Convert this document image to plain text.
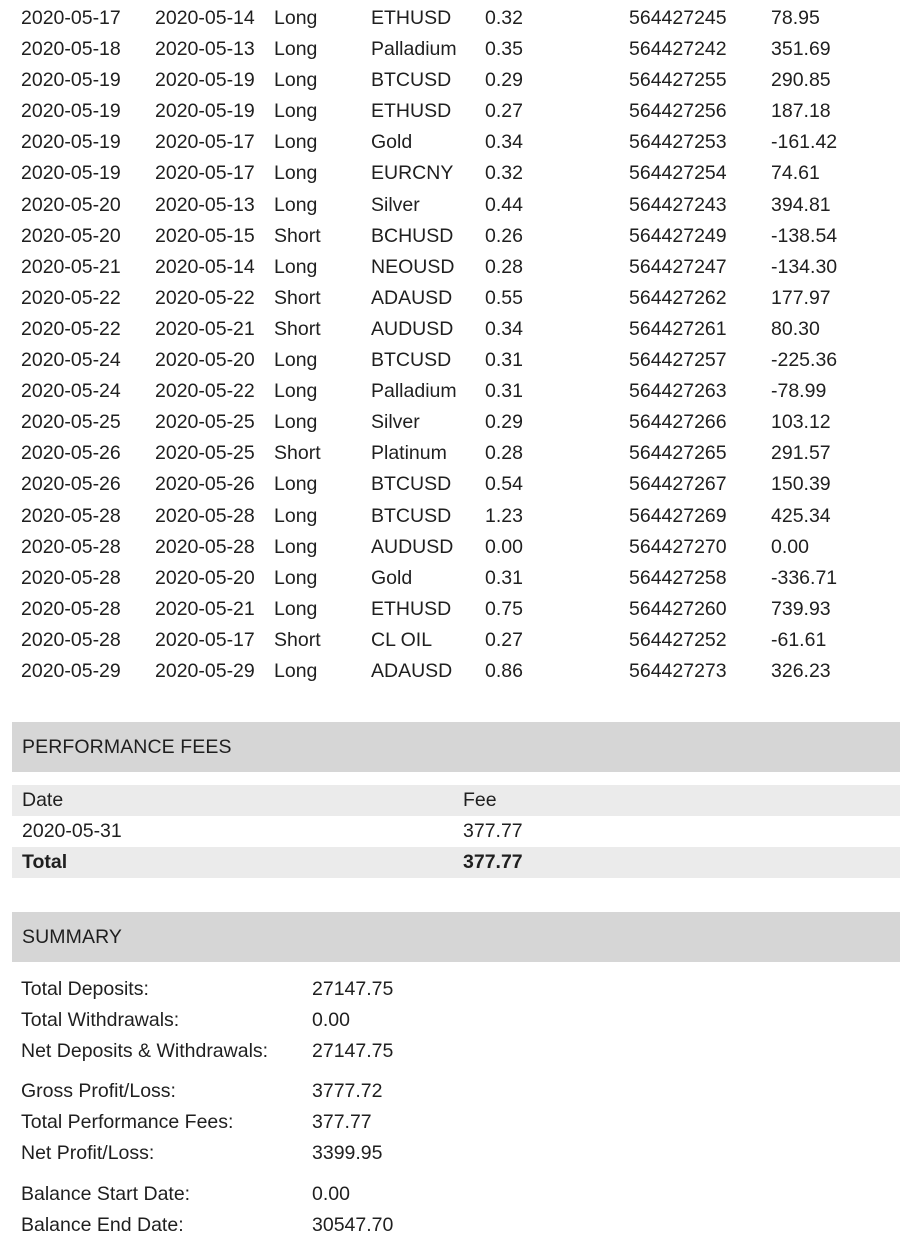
2020-05-17 2020-05-14 Long	ETHUSD 0.32	564427245 78.95
2020-05-18 2020-05-13 Long	Palladium 0.35	564427242 351.69
2020-05-19 2020-05-19 Long	BTCUSD 0.29	564427255 290.85
2020-05-19 2020-05-19 Long	ETHUSD 0.27	564427256 187.18
2020-05-19 2020-05-17 Long	Gold	0.34	564427253 -161.42
2020-05-19 2020-05-17 Long	EURCNY 0.32	564427254 74.61
2020-05-20 2020-05-13 Long	Silver	0.44	564427243 394.81
2020-05-20 2020-05-15 Short	BCHUSD 0.26	564427249 -138.54
2020-05-21 2020-05-14 Long	NEOUSD 0.28	564427247 -134.30
2020-05-22 2020-05-22 Short	ADAUSD 0.55	564427262 177.97
2020-05-22 2020-05-21 Short	AUDUSD 0.34	564427261 80.30
2020-05-24 2020-05-20 Long	BTCUSD 0.31	564427257 -225.36
2020-05-24 2020-05-22 Long	Palladium 0.31	564427263 -78.99
2020-05-25 2020-05-25 Long	Silver	0.29	564427266 103.12
2020-05-26 2020-05-25 Short	Platinum 0.28	564427265 291.57
2020-05-26 2020-05-26 Long	BTCUSD 0.54	564427267 150.39
2020-05-28 2020-05-28 Long	BTCUSD 1.23	564427269 425.34
2020-05-28 2020-05-28 Long	AUDUSD 0.00	564427270 0.00
2020-05-28 2020-05-20 Long	Gold	0.31	564427258 -336.71
2020-05-28 2020-05-21 Long	ETHUSD 0.75	564427260 739.93
2020-05-28 2020-05-17 Short	CL OIL	0.27	564427252 -61.61
2020-05-29 2020-05-29 Long	ADAUSD 0.86	564427273 326.23
PERFORMANCE FEES
Date	Fee
2020-05-31	377.77
Total	377.77
SUMMARY
Total Deposits:	27147.75
Total Withdrawals:	0.00
Net Deposits & Withdrawals: 27147.75
Gross Profit/Loss:	3777.72
Total Performance Fees:	377.77
Net Profit/Loss:	3399.95
Balance Start Date:	0.00
Balance End Date:	30547.70
